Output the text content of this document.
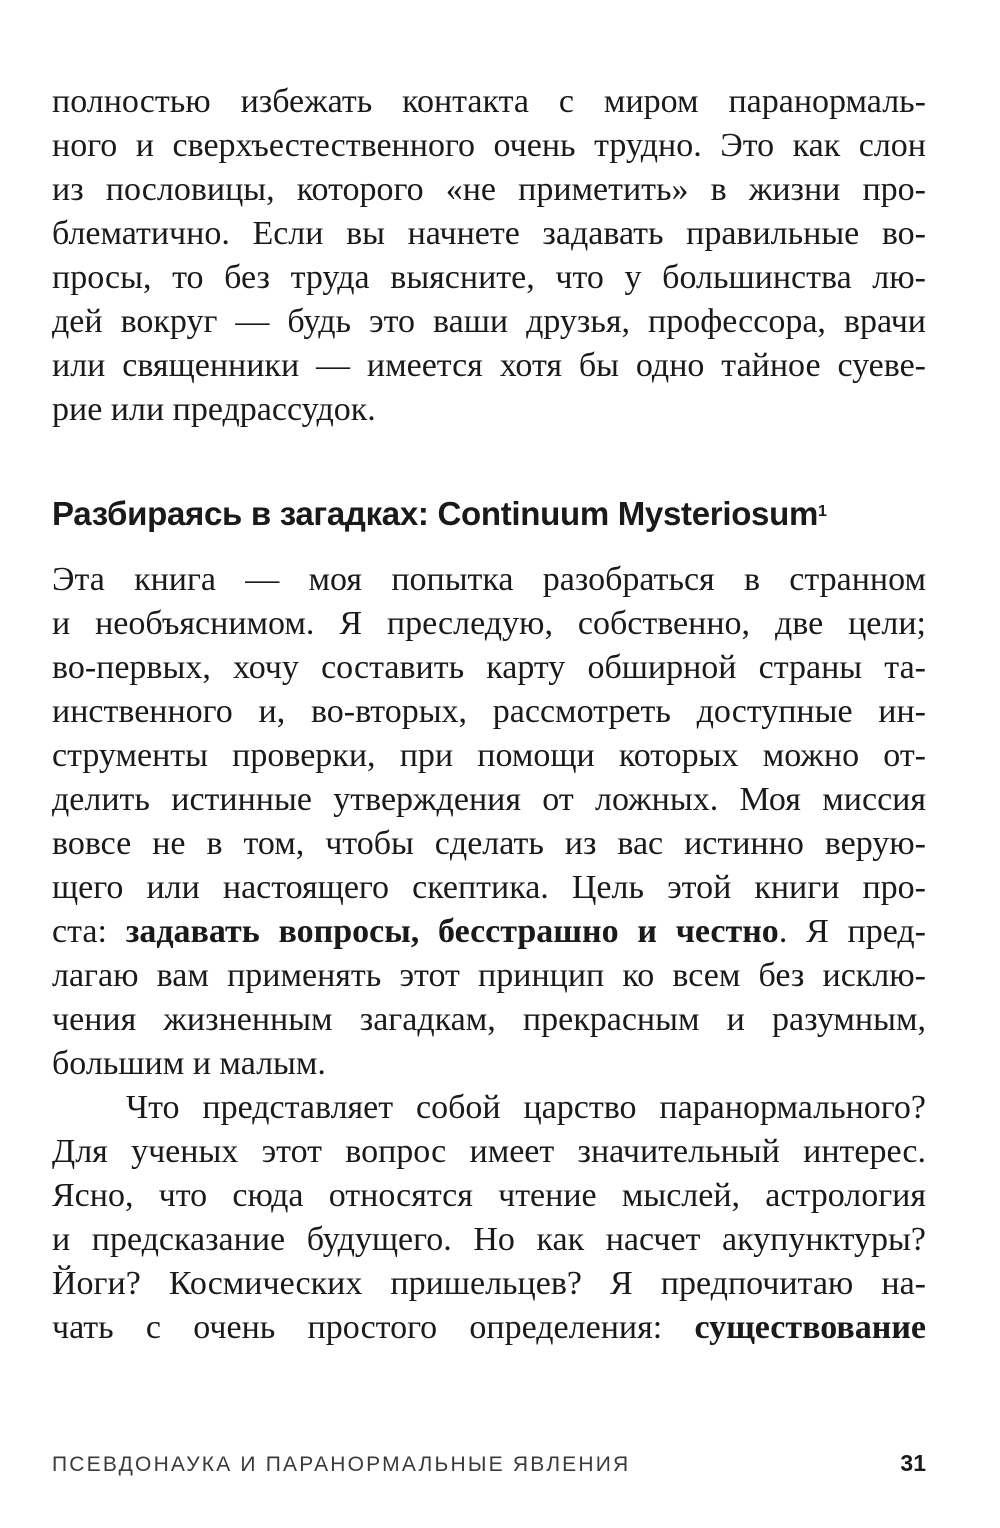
полностью избежать контакта с миром паранормаль-
ного и сверхъестественного очень трудно. Это как слон
из пословицы, которого «не приметить» в жизни про-
блематично. Если вы начнете задавать правильные во-
просы, то без труда выясните, что у большинства лю-
дей вокруг — будь это ваши друзья, профессора, врачи
или священники — имеется хотя бы одно тайное суеве-
рие или предрассудок.

Разбираясь в загадках: Continuum Mysteriosum$^1$

Эта книга — моя попытка разобраться в странном
и необъяснимом. Я преследую, собственно, две цели;
во-первых, хочу составить карту обширной страны та-
инственного и, во-вторых, рассмотреть доступные ин-
струменты проверки, при помощи которых можно от-
делить истинные утверждения от ложных. Моя миссия
вовсе не в том, чтобы сделать из вас истинно верую-
щего или настоящего скептика. Цель этой книги про-
ста: задавать вопросы, бесстрашно и честно. Я пред-
лагаю вам применять этот принцип ко всем без исклю-
чения жизненным загадкам, прекрасным и разумным,
большим и малым.

Что представляет собой царство паранормального?
Для ученых этот вопрос имеет значительный интерес.
Ясно, что сюда относятся чтение мыслей, астрология
и предсказание будущего. Но как насчет акупунктуры?
Йоги? Космических пришельцев? Я предпочитаю на-
чать с очень простого определения: существование

ПСЕВДОНАУКА И ПАРАНОРМАЛЬНЫЕ ЯВЛЕНИЯ	31
